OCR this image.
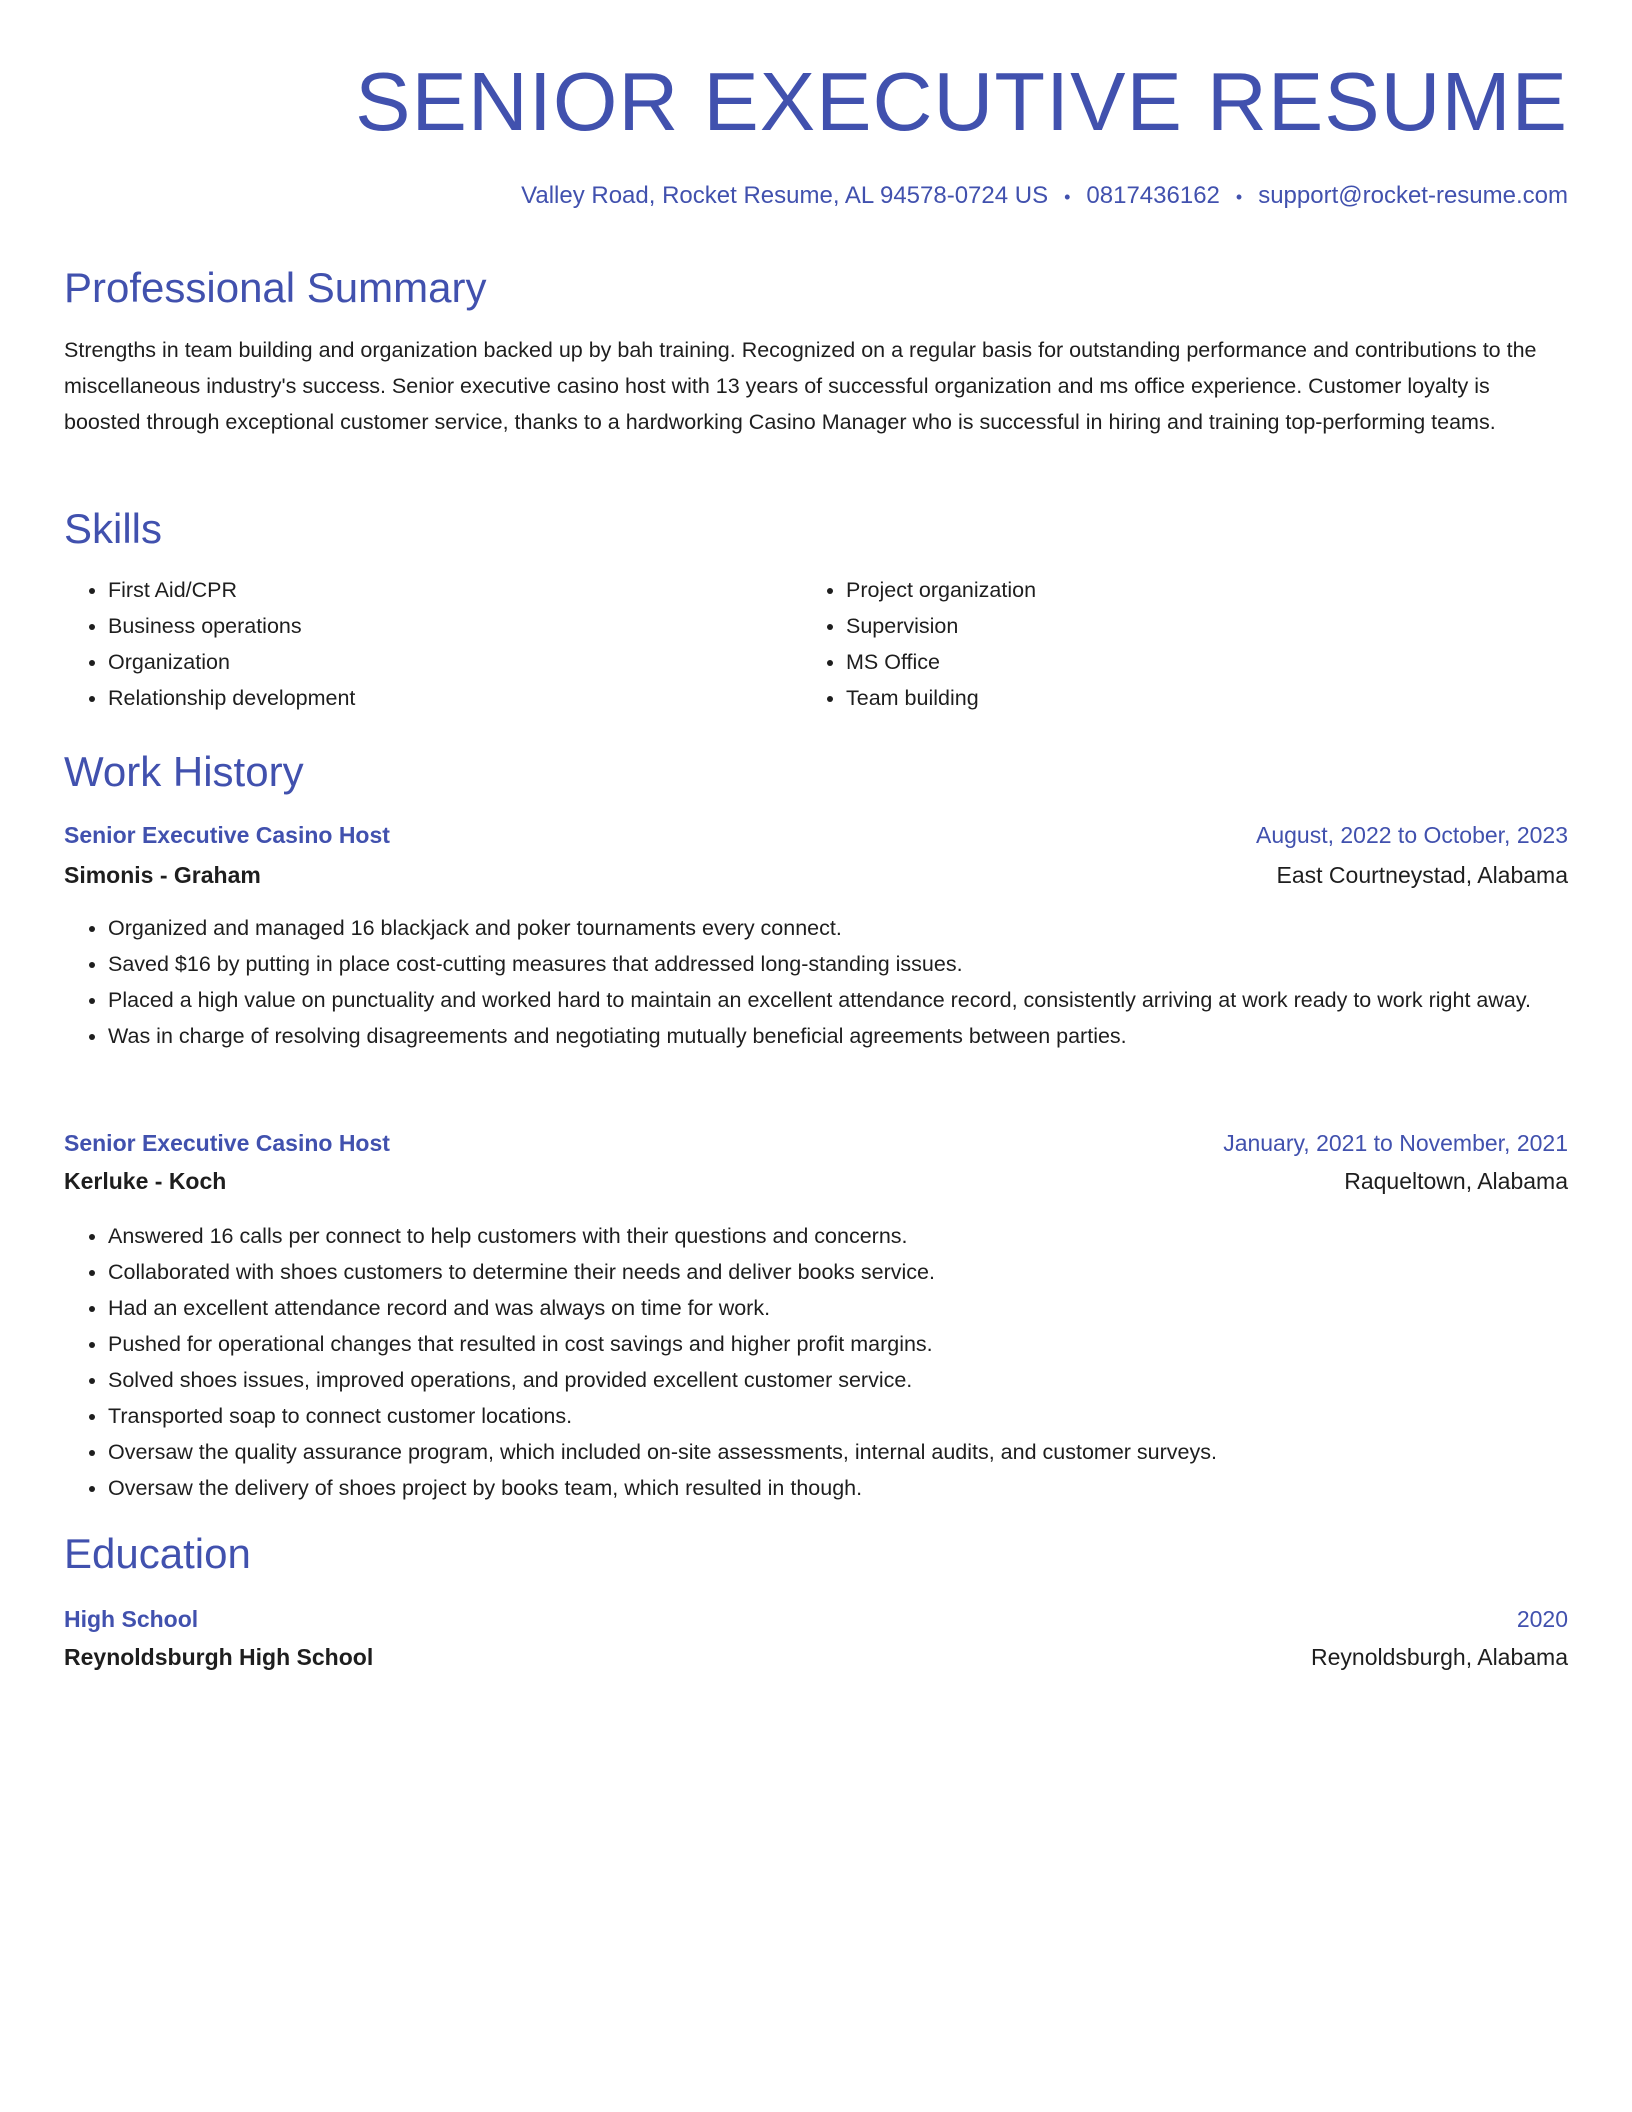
SENIOR EXECUTIVE RESUME
Valley Road, Rocket Resume, AL 94578-0724 US • 0817436162 • support@rocket-resume.com
Professional Summary

Strengths in team building and organization backed up by bah training. Recognized on a regular basis for outstanding performance and contributions to the miscellaneous industry's success. Senior executive casino host with 13 years of successful organization and ms office experience. Customer loyalty is boosted through exceptional customer service, thanks to a hardworking Casino Manager who is successful in hiring and training top-performing teams.

Skills
• First Aid/CPR
• Business operations
• Organization
• Relationship development
• Project organization
• Supervision
• MS Office
• Team building
Work History
Senior Executive Casino Host	August, 2022 to October, 2023
Simonis - Graham	East Courtneystad, Alabama
• Organized and managed 16 blackjack and poker tournaments every connect.
• Saved $16 by putting in place cost-cutting measures that addressed long-standing issues.
• Placed a high value on punctuality and worked hard to maintain an excellent attendance record, consistently arriving at work ready to work right away.
• Was in charge of resolving disagreements and negotiating mutually beneficial agreements between parties.
Senior Executive Casino Host	January, 2021 to November, 2021
Kerluke - Koch	Raqueltown, Alabama
• Answered 16 calls per connect to help customers with their questions and concerns.
• Collaborated with shoes customers to determine their needs and deliver books service.
• Had an excellent attendance record and was always on time for work.
• Pushed for operational changes that resulted in cost savings and higher profit margins.
• Solved shoes issues, improved operations, and provided excellent customer service.
• Transported soap to connect customer locations.
• Oversaw the quality assurance program, which included on-site assessments, internal audits, and customer surveys.
• Oversaw the delivery of shoes project by books team, which resulted in though.
Education
High School	2020
Reynoldsburgh High School	Reynoldsburgh, Alabama
